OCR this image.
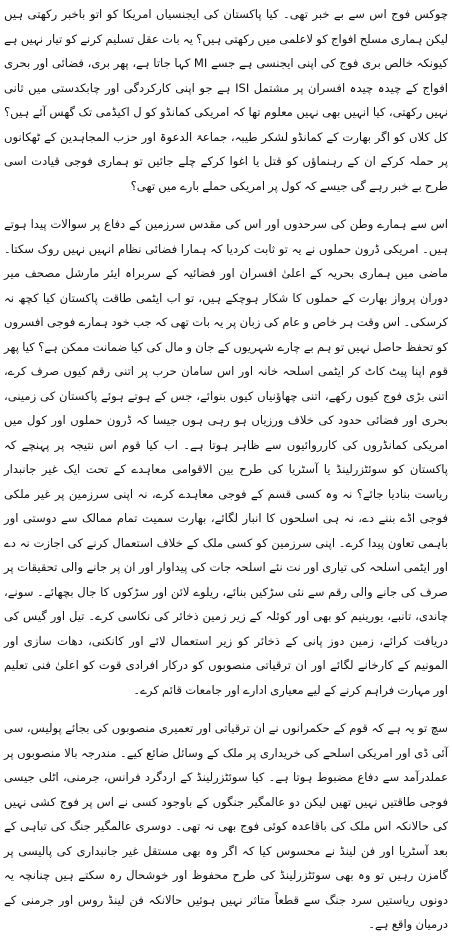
چوکس فوج اس سے بے خبر تھی۔ کیا پاکستان کی ایجنسیاں امریکا کو اتو باخبر رکھتی ہیں لیکن ہماری مسلح افواج کو لاعلمی میں رکھتی ہیں؟ یہ بات عقل تسلیم کرنے کو تیار نہیں ہے کیونکہ خالص بری فوج کی اپنی ایجنسی ہے جسے MI کہا جاتا ہے، پھر بری، فضائی اور بحری افواج کے چیدہ چیدہ افسران پر مشتمل ISI ہے جو اپنی کارکردگی اور چابکدستی میں ثانی نہیں رکھتی، کیا انہیں بھی نہیں معلوم تھا کہ امریکی کمانڈو کو ل اکیڈمی تک گھس آئے ہیں؟ کل کلاں کو اگر بھارت کے کمانڈو لشکر طیبہ، جماعۃ الدعوۃ اور حزب المجاہدین کے ٹھکانوں پر حملہ کرکے ان کے رہنماؤں کو قتل یا اغوا کرکے چلے جائیں تو ہماری فوجی قیادت اسی طرح بے خبر رہے گی جیسے کہ کول پر امریکی حملے بارے میں تھی؟

اس سے ہمارے وطن کی سرحدوں اور اس کی مقدس سرزمین کے دفاع پر سوالات پیدا ہوتے ہیں۔ امریکی ڈرون حملوں نے یہ تو ثابت کردیا کہ ہمارا فضائی نظام انہیں نہیں روک سکتا۔ ماضی میں ہماری بحریہ کے اعلیٰ افسران اور فضائیہ کے سربراہ ایئر مارشل مصحف میر دوران پرواز بھارت کے حملوں کا شکار ہوچکے ہیں، تو اب ایٹمی طاقت پاکستان کیا کچھ نہ کرسکی۔ اس وقت ہر خاص و عام کی زبان پر یہ بات تھی کہ جب خود ہمارے فوجی افسروں کو تحفظ حاصل نہیں تو ہم بے چارے شہریوں کے جان و مال کی کیا ضمانت ممکن ہے؟ کیا پھر قوم اپنا پیٹ کاٹ کر ایٹمی اسلحہ خانہ اور اس سامان حرب پر اتنی رقم کیوں صرف کرے، اتنی بڑی فوج کیوں رکھے، اتنی چھاؤنیاں کیوں بنوائے، جس کے ہوتے ہوئے پاکستان کی زمینی، بحری اور فضائی حدود کی خلاف ورزیاں ہو رہی ہوں جیسا کہ ڈرون حملوں اور کول میں امریکی کمانڈروں کی کارروائیوں سے ظاہر ہوتا ہے۔ اب کیا قوم اس نتیجہ پر پہنچے کہ پاکستان کو سوئٹزرلینڈ یا آسٹریا کی طرح بین الاقوامی معاہدے کے تحت ایک غیر جانبدار ریاست بنادیا جائے؟ نہ وہ کسی قسم کے فوجی معاہدے کرے، نہ اپنی سرزمین پر غیر ملکی فوجی اڈے بننے دے، نہ ہی اسلحوں کا انبار لگائے، بھارت سمیت تمام ممالک سے دوستی اور باہمی تعاون پیدا کرے۔ اپنی سرزمین کو کسی ملک کے خلاف استعمال کرنے کی اجازت نہ دے اور ایٹمی اسلحہ کی تیاری اور نت نئے اسلحہ جات کی پیداوار اور ان پر جانے والی تحقیقات پر صرف کی جانے والی رقم سے نئی سڑکیں بنائے، ریلوے لائن اور سڑکوں کا جال بچھائے۔ سونے، چاندی، تانبے، یورینیم کو بھی اور کوئلہ کے زیر زمین ذخائر کی نکاسی کرے۔ تیل اور گیس کی دریافت کرائے، زمین دوز پانی کے ذخائر کو زیر استعمال لائے اور کانکنی، دھات سازی اور المونیم کے کارخانے لگائے اور ان ترقیاتی منصوبوں کو درکار افرادی قوت کو اعلیٰ فنی تعلیم اور مہارت فراہم کرنے کے لیے معیاری ادارے اور جامعات قائم کرے۔

سچ تو یہ ہے کہ قوم کے حکمرانوں نے ان ترقیاتی اور تعمیری منصوبوں کی بجائے پولیس، سی آئی ڈی اور امریکی اسلحے کی خریداری پر ملک کے وسائل ضائع کیے۔ مندرجہ بالا منصوبوں پر عملدرآمد سے دفاع مضبوط ہوتا ہے۔ کیا سوئٹزرلینڈ کے اردگرد فرانس، جرمنی، اٹلی جیسی فوجی طاقتیں نہیں تھیں لیکن دو عالمگیر جنگوں کے باوجود کسی نے اس پر فوج کشی نہیں کی حالانکہ اس ملک کی باقاعدہ کوئی فوج بھی نہ تھی۔ دوسری عالمگیر جنگ کی تباہی کے بعد آسٹریا اور فن لینڈ نے محسوس کیا کہ اگر وہ بھی مستقل غیر جانبداری کی پالیسی پر گامزن رہیں تو وہ بھی سوئٹزرلینڈ کی طرح محفوظ اور خوشحال رہ سکتے ہیں چنانچہ یہ دونوں ریاستیں سرد جنگ سے قطعاً متاثر نہیں ہوئیں حالانکہ فن لینڈ روس اور جرمنی کے درمیان واقع ہے۔
